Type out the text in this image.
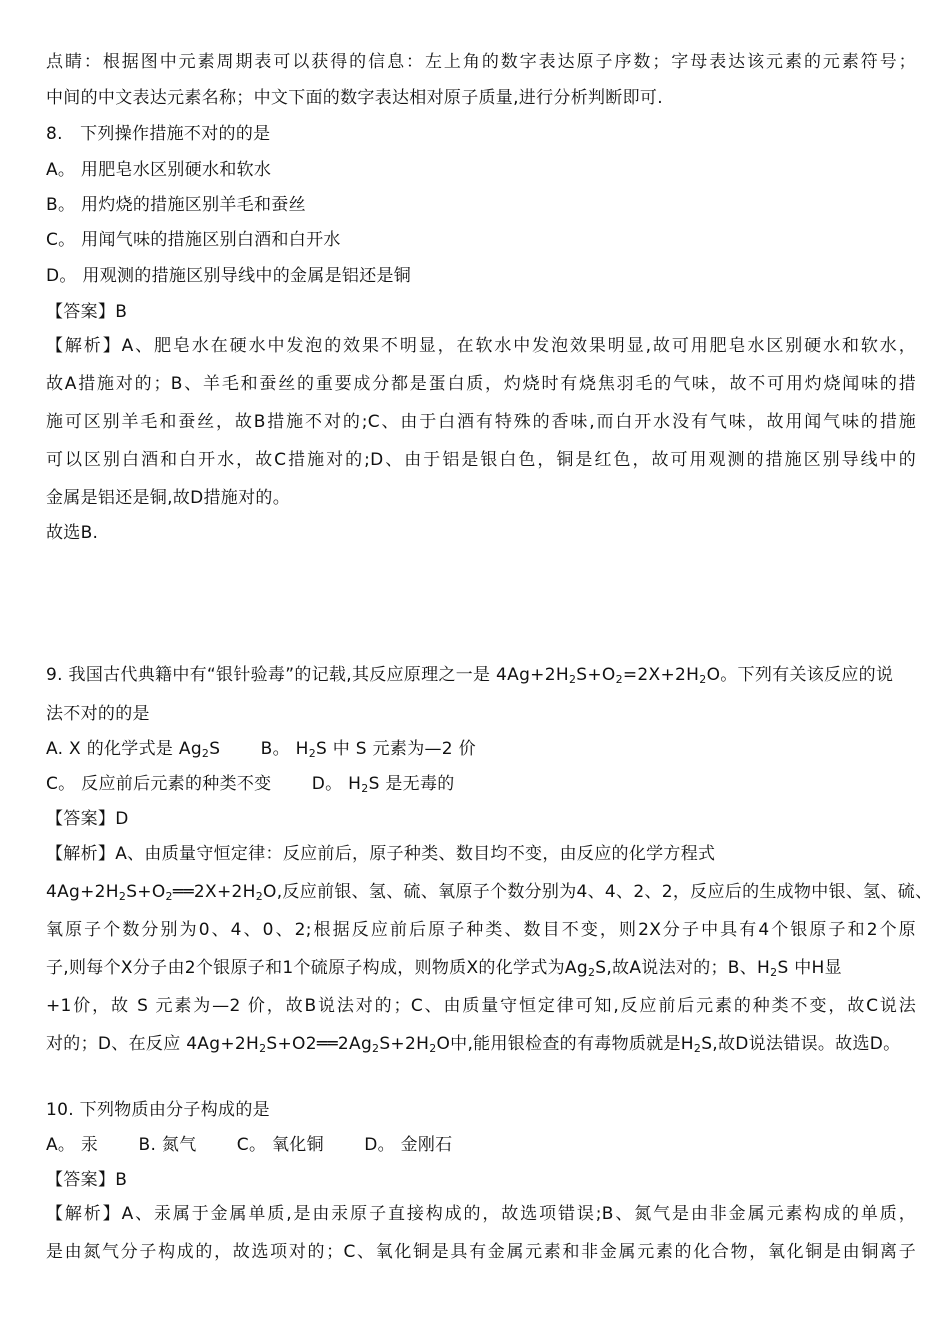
点睛：根据图中元素周期表可以获得的信息：左上角的数字表达原子序数；字母表达该元素的元素符号；
中间的中文表达元素名称；中文下面的数字表达相对原子质量,进行分析判断即可.
8.　下列操作措施不对的的是
A。 用肥皂水区别硬水和软水
B。 用灼烧的措施区别羊毛和蚕丝
C。 用闻气味的措施区别白酒和白开水
D。 用观测的措施区别导线中的金属是铝还是铜
【答案】B
【解析】A、肥皂水在硬水中发泡的效果不明显，在软水中发泡效果明显,故可用肥皂水区别硬水和软水，
故A措施对的；B、羊毛和蚕丝的重要成分都是蛋白质，灼烧时有烧焦羽毛的气味，故不可用灼烧闻味的措
施可区别羊毛和蚕丝，故B措施不对的;C、由于白酒有特殊的香味,而白开水没有气味，故用闻气味的措施
可以区别白酒和白开水，故C措施对的;D、由于铝是银白色，铜是红色，故可用观测的措施区别导线中的
金属是铝还是铜,故D措施对的。
故选B.
9. 我国古代典籍中有“银针验毒”的记载,其反应原理之一是 $4Ag+2H_2S+O_2=2X+2H_2O$。下列有关该反应的说
法不对的的是
A. X 的化学式是 $Ag_2S$　　 B。 $H_2S$ 中 S 元素为—2 价
C。 反应前后元素的种类不变　　 D。 $H_2S$ 是无毒的
【答案】D
【解析】A、由质量守恒定律：反应前后，原子种类、数目均不变，由反应的化学方程式
$4Ag+2H_2S+O_2══2X+2H_2O$,反应前银、氢、硫、氧原子个数分别为4、4、2、2，反应后的生成物中银、氢、硫、
氧原子个数分别为0、4、0、2;根据反应前后原子种类、数目不变，则2X分子中具有4个银原子和2个原
子,则每个X分子由2个银原子和1个硫原子构成，则物质X的化学式为$Ag_2S$,故A说法对的；B、$H_2S$ 中H显
+1价，故 S 元素为—2 价，故B说法对的；C、由质量守恒定律可知,反应前后元素的种类不变，故C说法
对的；D、在反应 $4Ag+2H_2S+O2══2Ag_2S+2H_2O$中,能用银检查的有毒物质就是$H_2S$,故D说法错误。故选D。
10. 下列物质由分子构成的是
A。 汞　　 B. 氮气　　 C。 氧化铜　　 D。 金刚石
【答案】B
【解析】A、汞属于金属单质,是由汞原子直接构成的，故选项错误;B、氮气是由非金属元素构成的单质，
是由氮气分子构成的，故选项对的；C、氧化铜是具有金属元素和非金属元素的化合物，氧化铜是由铜离子
